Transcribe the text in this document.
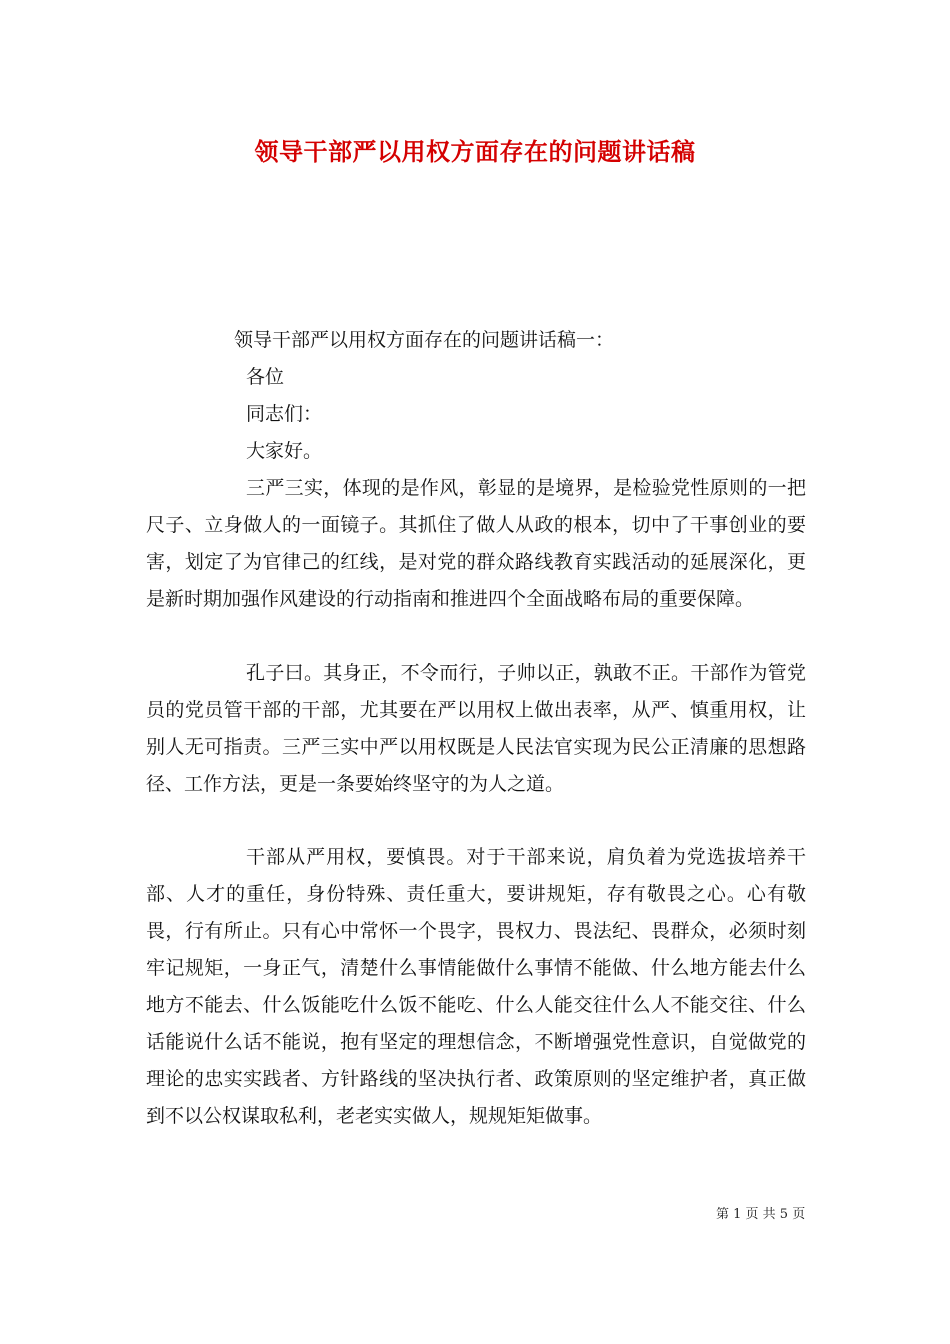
领导干部严以用权方面存在的问题讲话稿
领导干部严以用权方面存在的问题讲话稿一：
各位
同志们：
大家好。
三严三实，体现的是作风，彰显的是境界，是检验党性原则的一把尺子、立身做人的一面镜子。其抓住了做人从政的根本，切中了干事创业的要害，划定了为官律己的红线，是对党的群众路线教育实践活动的延展深化，更是新时期加强作风建设的行动指南和推进四个全面战略布局的重要保障。
孔子曰。其身正，不令而行，子帅以正，孰敢不正。干部作为管党员的党员管干部的干部，尤其要在严以用权上做出表率，从严、慎重用权，让别人无可指责。三严三实中严以用权既是人民法官实现为民公正清廉的思想路径、工作方法，更是一条要始终坚守的为人之道。
干部从严用权，要慎畏。对于干部来说，肩负着为党选拔培养干部、人才的重任，身份特殊、责任重大，要讲规矩，存有敬畏之心。心有敬畏，行有所止。只有心中常怀一个畏字，畏权力、畏法纪、畏群众，必须时刻牢记规矩，一身正气，清楚什么事情能做什么事情不能做、什么地方能去什么地方不能去、什么饭能吃什么饭不能吃、什么人能交往什么人不能交往、什么话能说什么话不能说，抱有坚定的理想信念，不断增强党性意识，自觉做党的理论的忠实实践者、方针路线的坚决执行者、政策原则的坚定维护者，真正做到不以公权谋取私利，老老实实做人，规规矩矩做事。
第 1 页 共 5 页
